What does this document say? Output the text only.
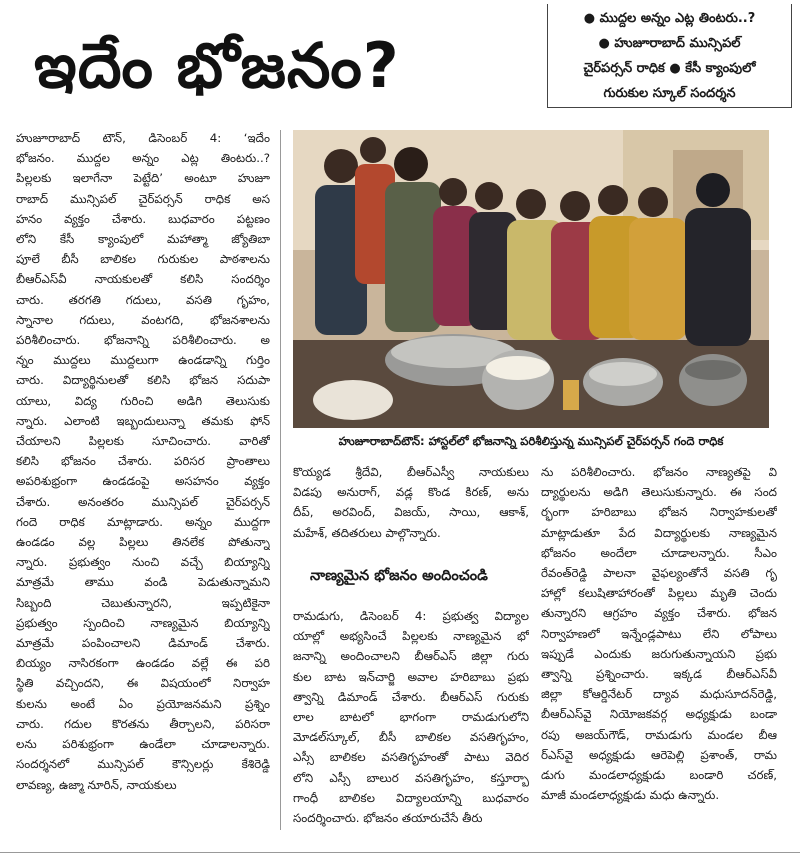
ఇదేం భోజనం?
● ముద్దల అన్నం ఎట్ల తింటరు..?
● హుజూరాబాద్‌ మున్సిపల్‌
చైర్‌పర్సన్‌ రాధిక ● కేసీ క్యాంపులో
గురుకుల స్కూల్‌ సందర్శన
హుజూరాబాద్‌టౌన్‌: హాస్టల్‌లో భోజనాన్ని పరిశీలిస్తున్న మున్సిపల్‌ చైర్‌పర్సన్‌ గందె రాధిక
హుజూరాబాద్‌ టౌన్‌, డిసెంబర్‌ 4: ‘ఇదేం
భోజనం. ముద్దల అన్నం ఎట్ల తింటరు..?
పిల్లలకు ఇలాగేనా పెట్టేది’ అంటూ హుజూ
రాబాద్‌ మున్సిపల్‌ చైర్‌పర్సన్‌ రాధిక అస
హనం వ్యక్తం చేశారు. బుధవారం పట్టణం
లోని కేసీ క్యాంపులో మహాత్మా జ్యోతిబా
పూలే బీసీ బాలికల గురుకుల పాఠశాలను
బీఆర్‌ఎస్‌వీ నాయకులతో కలిసి సందర్శిం
చారు. తరగతి గదులు, వసతి గృహం,
స్నానాల గదులు, వంటగది, భోజనశాలను
పరిశీలించారు. భోజనాన్ని పరిశీలించారు. అ
న్నం ముద్దలు ముద్దలుగా ఉండడాన్ని గుర్తిం
చారు. విద్యార్థినులతో కలిసి భోజన సదుపా
యాలు, విద్య గురించి అడిగి తెలుసుకు
న్నారు. ఎలాంటి ఇబ్బందులున్నా తమకు ఫోన్‌
చేయాలని పిల్లలకు సూచించారు. వారితో
కలిసి భోజనం చేశారు. పరిసర ప్రాంతాలు
అపరిశుభ్రంగా ఉండడంపై అసహనం వ్యక్తం
చేశారు. అనంతరం మున్సిపల్‌ చైర్‌పర్సన్‌
గందె రాధిక మాట్లాడారు. అన్నం ముద్దగా
ఉండడం వల్ల పిల్లలు తినలేక పోతున్నా
న్నారు. ప్రభుత్వం నుంచి వచ్చే బియ్యాన్ని
మాత్రమే తాము వండి పెడుతున్నామని
సిబ్బంది చెబుతున్నారని, ఇప్పటికైనా
ప్రభుత్వం స్పందించి నాణ్యమైన బియ్యాన్ని
మాత్రమే పంపించాలని డిమాండ్‌ చేశారు.
బియ్యం నాసిరకంగా ఉండడం వల్లే ఈ పరి
స్థితి వచ్చిందని, ఈ విషయంలో నిర్వాహ
కులను అంటే ఏం ప్రయోజనమని ప్రశ్నిం
చారు. గదుల కొరతను తీర్చాలని, పరిసరా
లను పరిశుభ్రంగా ఉండేలా చూడాలన్నారు.
సందర్శనలో మున్సిపల్‌ కౌన్సిలర్లు కేశిరెడ్డి
లావణ్య, ఉజ్మా నూరిన్‌, నాయకులు
కొయ్యడ శ్రీదేవి, బీఆర్‌ఎస్వీ నాయకులు
విడపు అనురాగ్‌, వడ్ల కొండ కిరణ్‌, అను
దీప్‌, అరవింద్‌, విజయ్‌, సాయి, ఆకాశ్‌,
మహేశ్‌, తదితరులు పాల్గొన్నారు.
నాణ్యమైన భోజనం అందించండి
రామడుగు, డిసెంబర్‌ 4: ప్రభుత్వ విద్యాల
యాల్లో అభ్యసించే పిల్లలకు నాణ్యమైన భో
జనాన్ని అందించాలని బీఆర్‌ఎస్‌ జిల్లా గురు
కుల బాట ఇన్‌చార్జి అవాల హరిబాబు ప్రభు
త్వాన్ని డిమాండ్‌ చేశారు. బీఆర్‌ఎస్‌ గురుకు
లాల బాటలో భాగంగా రామడుగులోని
మోడల్‌స్కూల్‌, బీసీ బాలికల వసతిగృహం,
ఎస్సీ బాలికల వసతిగృహంతో పాటు వెదిర
లోని ఎస్సీ బాలుర వసతిగృహం, కస్తూర్బా
గాంధీ బాలికల విద్యాలయాన్ని బుధవారం
సందర్శించారు. భోజనం తయారుచేసే తీరు
ను పరిశీలించారు. భోజనం నాణ్యతపై వి
ద్యార్థులను అడిగి తెలుసుకున్నారు. ఈ సంద
ర్భంగా హరిబాబు భోజన నిర్వాహకులతో
మాట్లాడుతూ పేద విద్యార్థులకు నాణ్యమైన
భోజనం అందేలా చూడాలన్నారు. సీఎం
రేవంత్‌రెడ్డి పాలనా వైఫల్యంతోనే వసతి గృ
హాల్లో కలుషితాహారంతో పిల్లలు మృతి చెందు
తున్నారని ఆగ్రహం వ్యక్తం చేశారు. భోజన
నిర్వాహణలో ఇన్నేండ్లపాటు లేని లోపాలు
ఇప్పుడే ఎందుకు జరుగుతున్నాయని ప్రభు
త్వాన్ని ప్రశ్నించారు. ఇక్కడ బీఆర్‌ఎస్‌వీ
జిల్లా కోఆర్డినేటర్‌ ద్యావ మధుసూదన్‌రెడ్డి,
బీఆర్‌ఎస్‌వై నియోజకవర్గ అధ్యక్షుడు బండా
రపు అజయ్‌గౌడ్‌, రామడుగు మండల బీఆ
ర్‌ఎస్‌వై అధ్యక్షుడు ఆరెపెల్లి ప్రశాంత్‌, రామ
డుగు మండలాధ్యక్షుడు బండారి చరణ్‌,
మాజీ మండలాధ్యక్షుడు మధు ఉన్నారు.
